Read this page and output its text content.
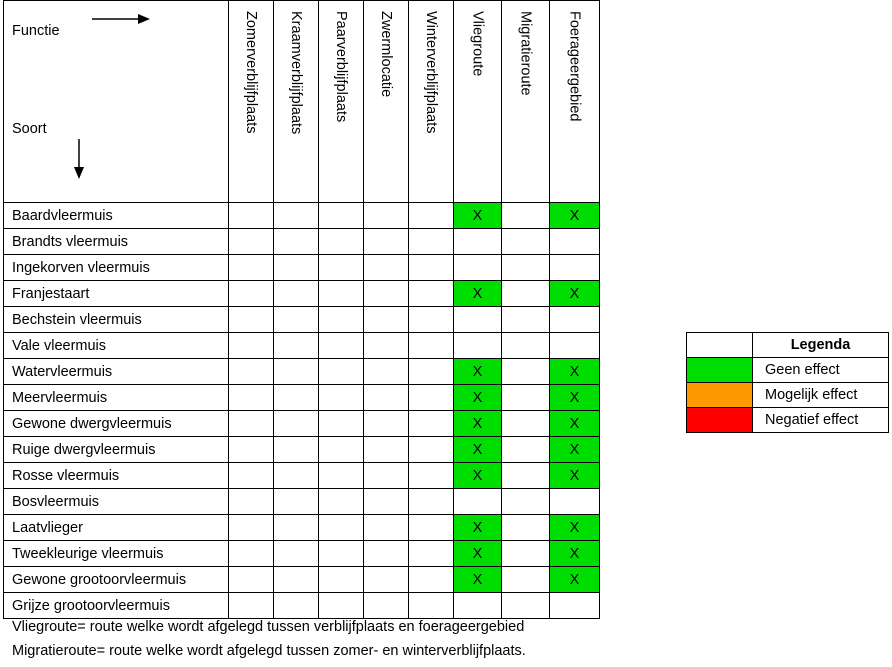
Functie
Soort	Zomerverblijfplaats	Kraamverblijfplaats	Paarverblijfplaats	Zwermlocatie	Winterverblijfplaats	Vliegroute	Migratieroute	Foerageergebied

Baardvleermuis						X		X
Brandts vleermuis								
Ingekorven vleermuis								
Franjestaart						X		X
Bechstein vleermuis								
Vale vleermuis								
Watervleermuis						X		X
Meervleermuis						X		X
Gewone dwergvleermuis						X		X
Ruige dwergvleermuis						X		X
Rosse vleermuis						X		X
Bosvleermuis								
Laatvlieger						X		X
Tweekleurige vleermuis						X		X
Gewone grootoorvleermuis						X		X
Grijze grootoorvleermuis								
Vliegroute= route welke wordt afgelegd tussen verblijfplaats en foerageergebied
Migratieroute= route welke wordt afgelegd tussen zomer- en winterverblijfplaats.
	Legenda
	Geen effect
	Mogelijk effect
	Negatief effect
